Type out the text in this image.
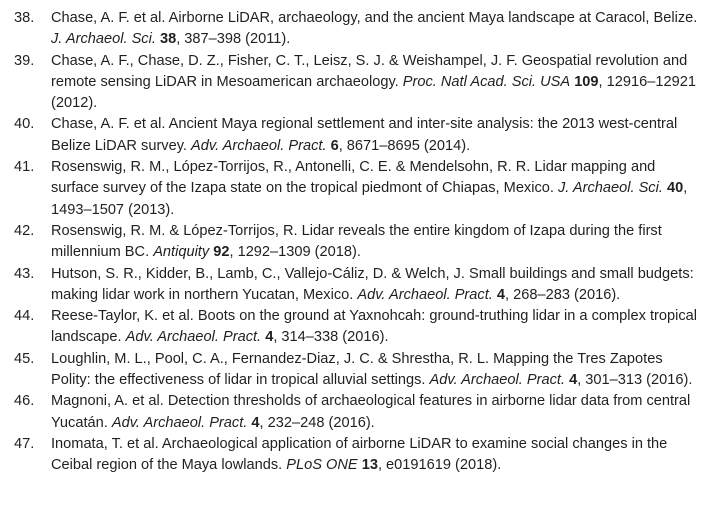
38.	Chase, A. F. et al. Airborne LiDAR, archaeology, and the ancient Maya landscape at Caracol, Belize. J. Archaeol. Sci. 38, 387–398 (2011).
39.	Chase, A. F., Chase, D. Z., Fisher, C. T., Leisz, S. J. & Weishampel, J. F. Geospatial revolution and remote sensing LiDAR in Mesoamerican archaeology. Proc. Natl Acad. Sci. USA 109, 12916–12921 (2012).
40.	Chase, A. F. et al. Ancient Maya regional settlement and inter-site analysis: the 2013 west-central Belize LiDAR survey. Adv. Archaeol. Pract. 6, 8671–8695 (2014).
41.	Rosenswig, R. M., López-Torrijos, R., Antonelli, C. E. & Mendelsohn, R. R. Lidar mapping and surface survey of the Izapa state on the tropical piedmont of Chiapas, Mexico. J. Archaeol. Sci. 40, 1493–1507 (2013).
42.	Rosenswig, R. M. & López-Torrijos, R. Lidar reveals the entire kingdom of Izapa during the first millennium BC. Antiquity 92, 1292–1309 (2018).
43.	Hutson, S. R., Kidder, B., Lamb, C., Vallejo-Cáliz, D. & Welch, J. Small buildings and small budgets: making lidar work in northern Yucatan, Mexico. Adv. Archaeol. Pract. 4, 268–283 (2016).
44.	Reese-Taylor, K. et al. Boots on the ground at Yaxnohcah: ground-truthing lidar in a complex tropical landscape. Adv. Archaeol. Pract. 4, 314–338 (2016).
45.	Loughlin, M. L., Pool, C. A., Fernandez-Diaz, J. C. & Shrestha, R. L. Mapping the Tres Zapotes Polity: the effectiveness of lidar in tropical alluvial settings. Adv. Archaeol. Pract. 4, 301–313 (2016).
46.	Magnoni, A. et al. Detection thresholds of archaeological features in airborne lidar data from central Yucatán. Adv. Archaeol. Pract. 4, 232–248 (2016).
47.	Inomata, T. et al. Archaeological application of airborne LiDAR to examine social changes in the Ceibal region of the Maya lowlands. PLoS ONE 13, e0191619 (2018).
